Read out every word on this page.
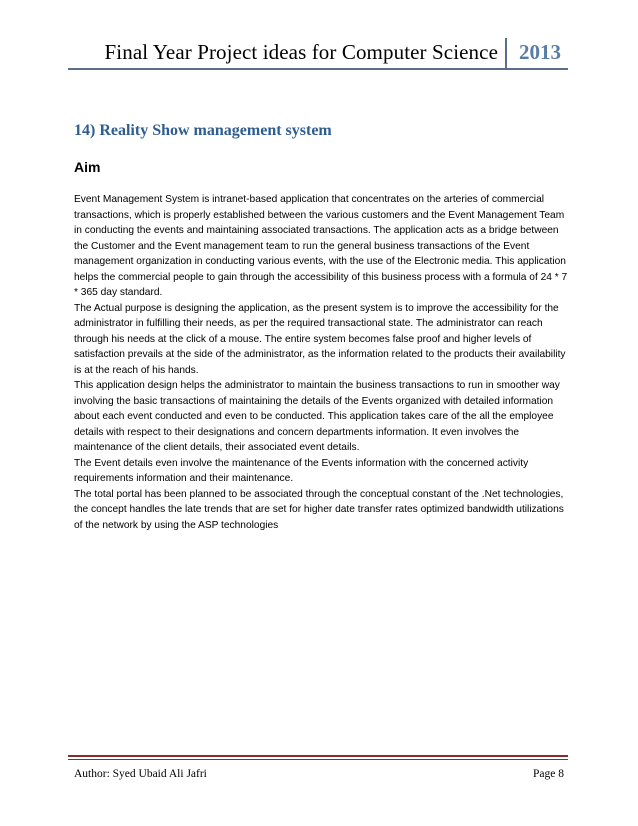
Final Year Project ideas for Computer Science 2013
14) Reality Show management system
Aim

Event Management System is intranet-based application that concentrates on the arteries of commercial transactions, which is properly established between the various customers and the Event Management Team in conducting the events and maintaining associated transactions. The application acts as a bridge between the Customer and the Event management team to run the general business transactions of the Event management organization in conducting various events, with the use of the Electronic media. This application helps the commercial people to gain through the accessibility of this business process with a formula of 24 * 7 * 365 day standard.

The Actual purpose is designing the application, as the present system is to improve the accessibility for the administrator in fulfilling their needs, as per the required transactional state. The administrator can reach through his needs at the click of a mouse. The entire system becomes false proof and higher levels of satisfaction prevails at the side of the administrator, as the information related to the products their availability is at the reach of his hands.

This application design helps the administrator to maintain the business transactions to run in smoother way involving the basic transactions of maintaining the details of the Events organized with detailed information about each event conducted and even to be conducted. This application takes care of the all the employee details with respect to their designations and concern departments information. It even involves the maintenance of the client details, their associated event details.

The Event details even involve the maintenance of the Events information with the concerned activity requirements information and their maintenance.

The total portal has been planned to be associated through the conceptual constant of the .Net technologies, the concept handles the late trends that are set for higher date transfer rates optimized bandwidth utilizations of the network by using the ASP technologies

Author: Syed Ubaid Ali Jafri	Page 8
